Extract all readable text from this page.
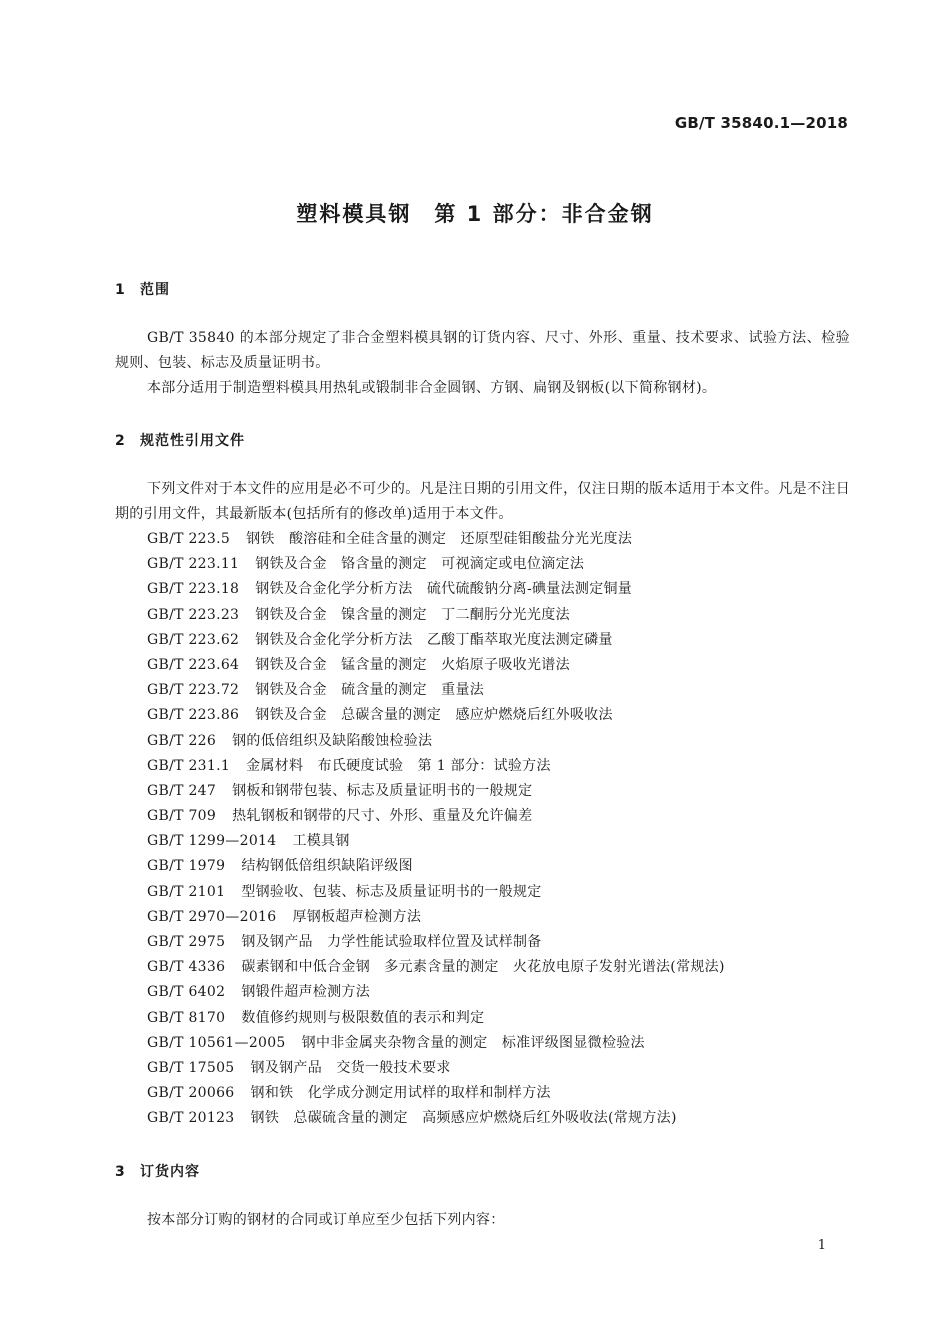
GB/T 35840.1—2018
塑料模具钢　第 1 部分：非合金钢
1 范围
GB/T 35840 的本部分规定了非合金塑料模具钢的订货内容、尺寸、外形、重量、技术要求、试验方法、检验规则、包装、标志及质量证明书。
本部分适用于制造塑料模具用热轧或锻制非合金圆钢、方钢、扁钢及钢板(以下简称钢材)。
2 规范性引用文件
下列文件对于本文件的应用是必不可少的。凡是注日期的引用文件，仅注日期的版本适用于本文件。凡是不注日期的引用文件，其最新版本(包括所有的修改单)适用于本文件。
GB/T 223.5 钢铁　酸溶硅和全硅含量的测定　还原型硅钼酸盐分光光度法
GB/T 223.11 钢铁及合金　铬含量的测定　可视滴定或电位滴定法
GB/T 223.18 钢铁及合金化学分析方法　硫代硫酸钠分离-碘量法测定铜量
GB/T 223.23 钢铁及合金　镍含量的测定　丁二酮肟分光光度法
GB/T 223.62 钢铁及合金化学分析方法　乙酸丁酯萃取光度法测定磷量
GB/T 223.64 钢铁及合金　锰含量的测定　火焰原子吸收光谱法
GB/T 223.72 钢铁及合金　硫含量的测定　重量法
GB/T 223.86 钢铁及合金　总碳含量的测定　感应炉燃烧后红外吸收法
GB/T 226 钢的低倍组织及缺陷酸蚀检验法
GB/T 231.1 金属材料　布氏硬度试验　第 1 部分：试验方法
GB/T 247 钢板和钢带包装、标志及质量证明书的一般规定
GB/T 709 热轧钢板和钢带的尺寸、外形、重量及允许偏差
GB/T 1299—2014 工模具钢
GB/T 1979 结构钢低倍组织缺陷评级图
GB/T 2101 型钢验收、包装、标志及质量证明书的一般规定
GB/T 2970—2016 厚钢板超声检测方法
GB/T 2975 钢及钢产品　力学性能试验取样位置及试样制备
GB/T 4336 碳素钢和中低合金钢　多元素含量的测定　火花放电原子发射光谱法(常规法)
GB/T 6402 钢锻件超声检测方法
GB/T 8170 数值修约规则与极限数值的表示和判定
GB/T 10561—2005 钢中非金属夹杂物含量的测定　标准评级图显微检验法
GB/T 17505 钢及钢产品　交货一般技术要求
GB/T 20066 钢和铁　化学成分测定用试样的取样和制样方法
GB/T 20123 钢铁　总碳硫含量的测定　高频感应炉燃烧后红外吸收法(常规方法)
3 订货内容
按本部分订购的钢材的合同或订单应至少包括下列内容：
1
